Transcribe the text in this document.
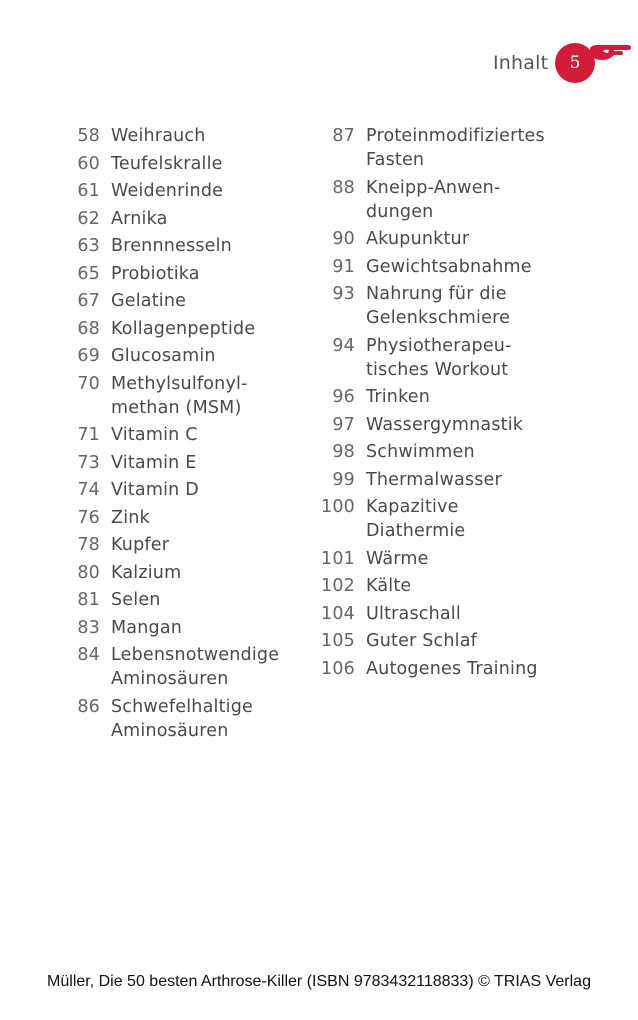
Inhalt	5
58 Weihrauch
60 Teufelskralle
61 Weidenrinde
62 Arnika
63 Brennnesseln
65 Probiotika
67 Gelatine
68 Kollagenpeptide
69 Glucosamin
70 Methylsulfonyl-
methan (MSM)
71 Vitamin C
73 Vitamin E
74 Vitamin D
76 Zink
78 Kupfer
80 Kalzium
81 Selen
83 Mangan
84 Lebensnotwendige
Aminosäuren
86 Schwefelhaltige
Aminosäuren
87 Proteinmodifiziertes
Fasten
88 Kneipp-Anwen-
dungen
90 Akupunktur
91 Gewichtsabnahme
93 Nahrung für die
Gelenkschmiere
94 Physiotherapeu-
tisches Workout
96 Trinken
97 Wassergymnastik
98 Schwimmen
99 Thermalwasser
100 Kapazitive
Diathermie
101 Wärme
102 Kälte
104 Ultraschall
105 Guter Schlaf
106 Autogenes Training
Müller, Die 50 besten Arthrose-Killer (ISBN 9783432118833) © TRIAS Verlag
